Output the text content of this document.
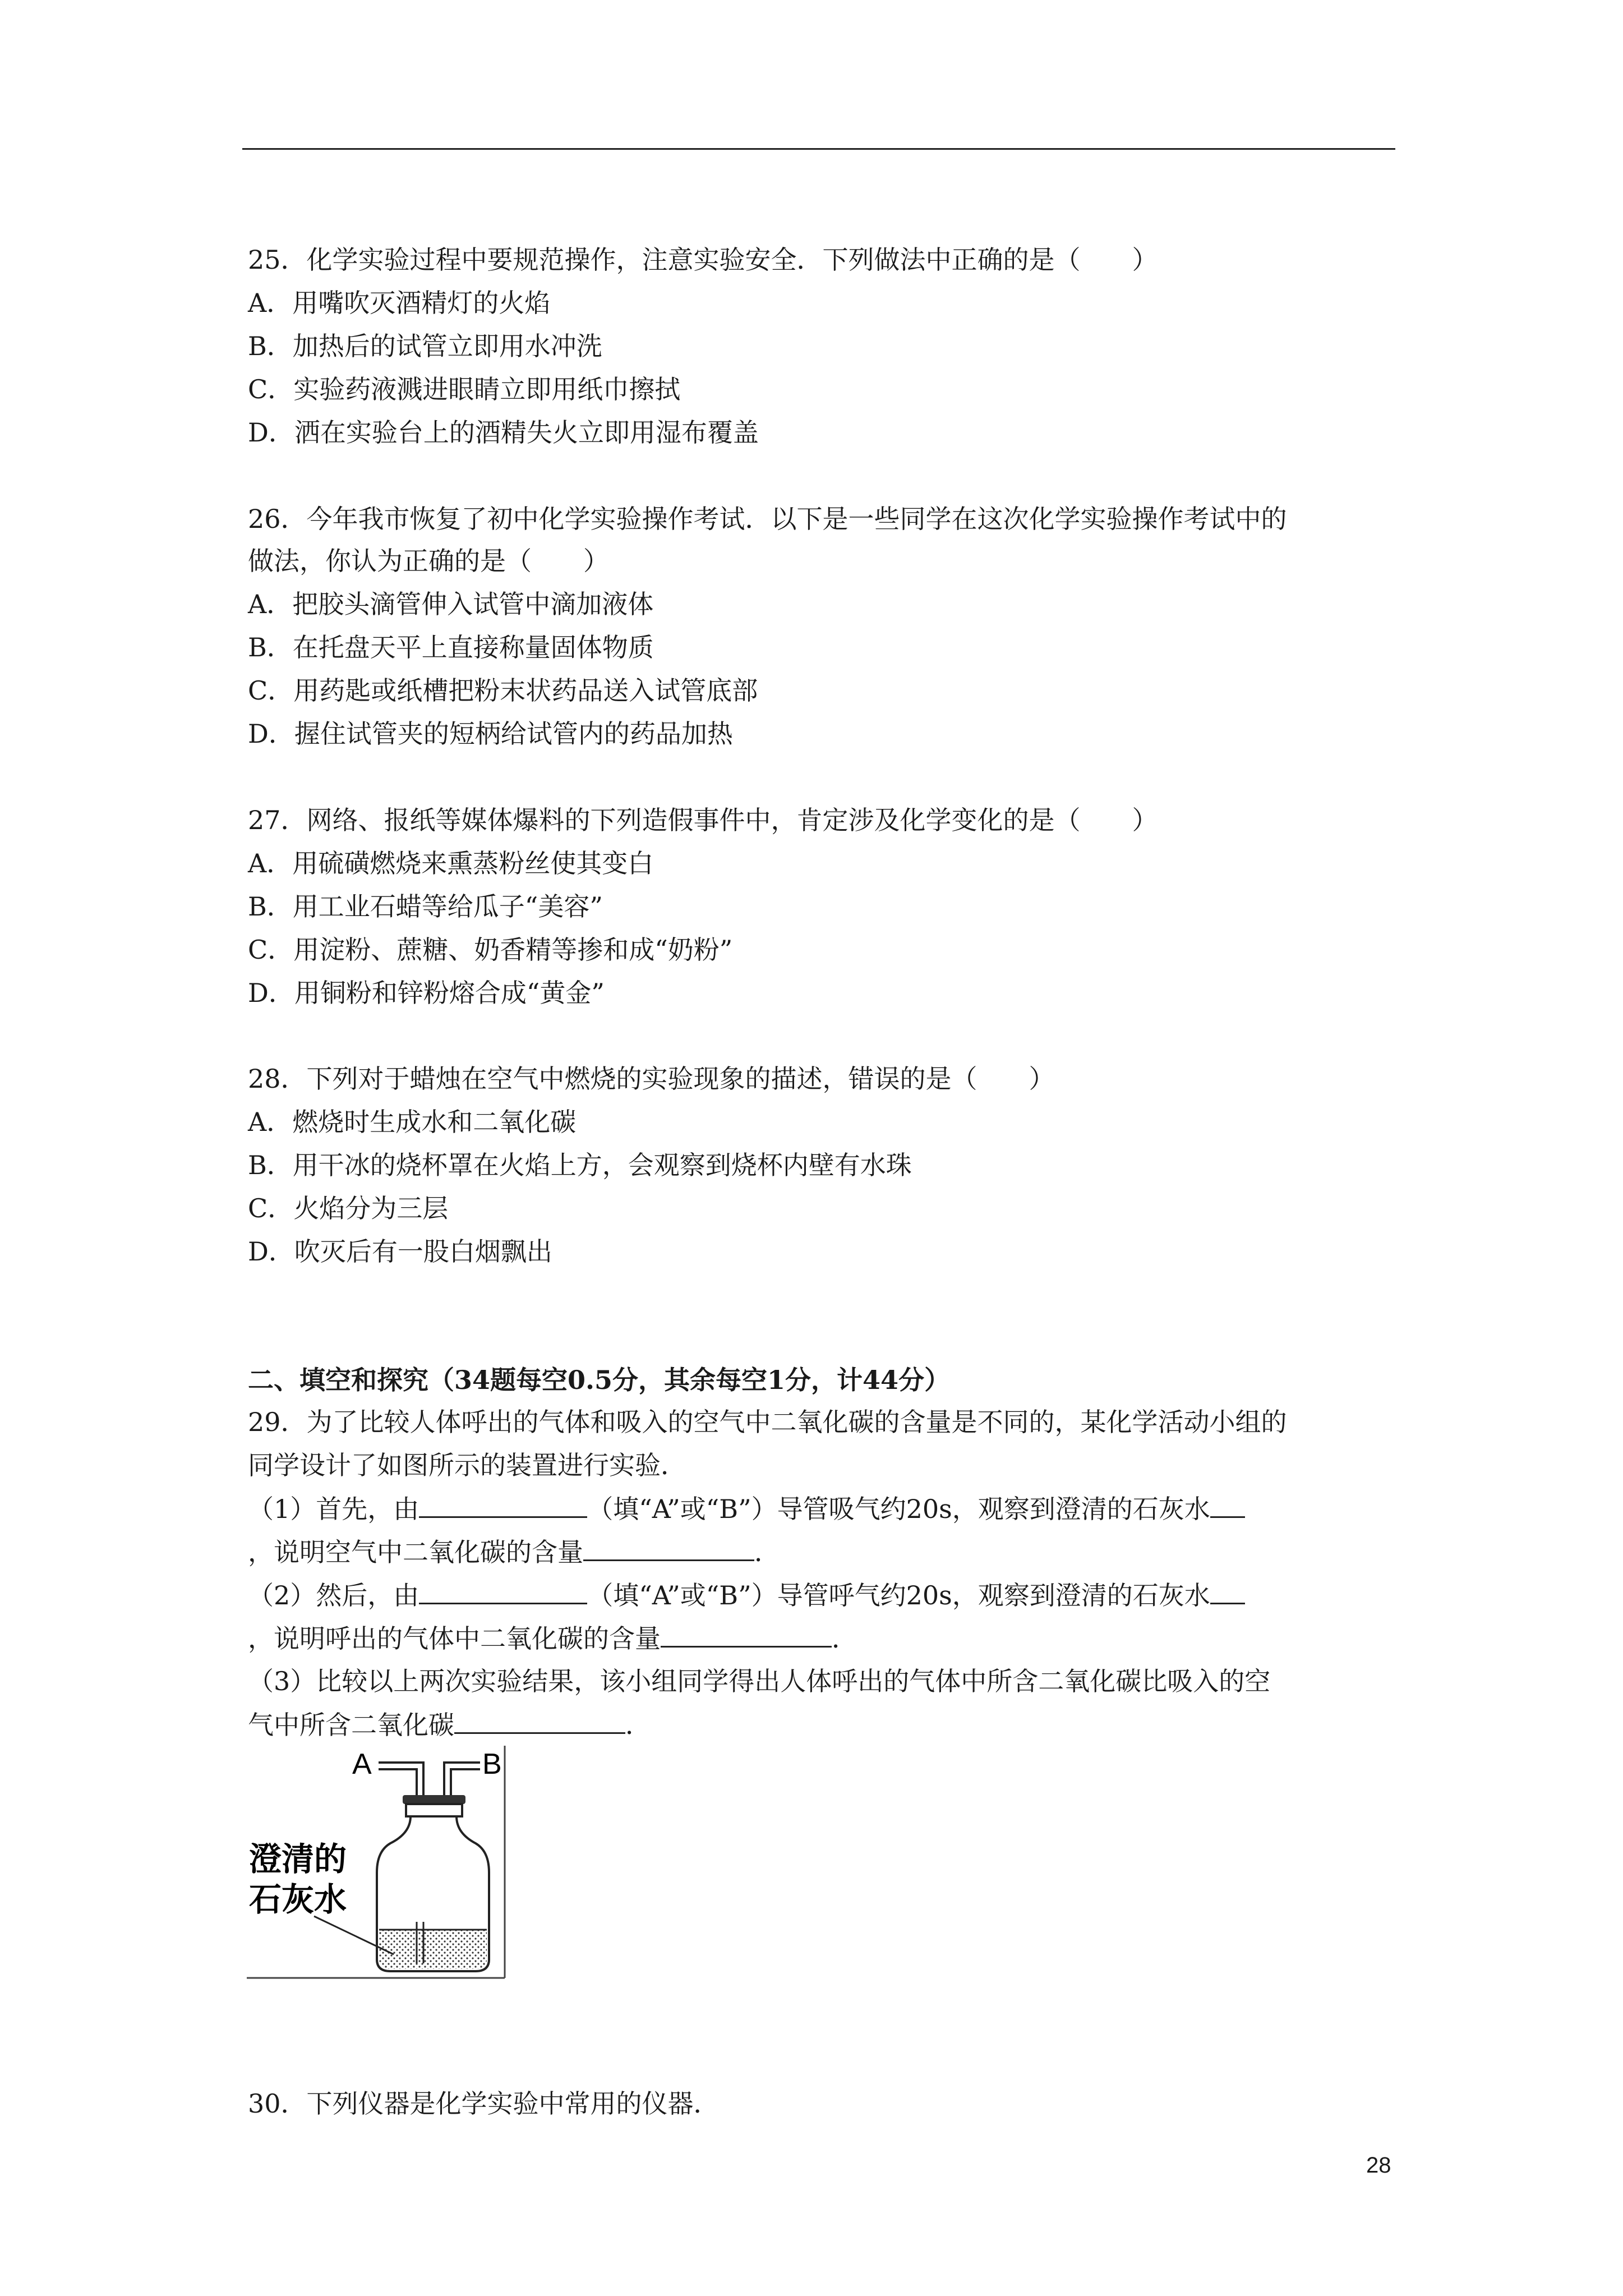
25．化学实验过程中要规范操作，注意实验安全．下列做法中正确的是（　　）
A．用嘴吹灭酒精灯的火焰
B．加热后的试管立即用水冲洗
C．实验药液溅进眼睛立即用纸巾擦拭
D．洒在实验台上的酒精失火立即用湿布覆盖
26．今年我市恢复了初中化学实验操作考试．以下是一些同学在这次化学实验操作考试中的
做法，你认为正确的是（　　）
A．把胶头滴管伸入试管中滴加液体
B．在托盘天平上直接称量固体物质
C．用药匙或纸槽把粉末状药品送入试管底部
D．握住试管夹的短柄给试管内的药品加热
27．网络、报纸等媒体爆料的下列造假事件中，肯定涉及化学变化的是（　　）
A．用硫磺燃烧来熏蒸粉丝使其变白
B．用工业石蜡等给瓜子“美容”
C．用淀粉、蔗糖、奶香精等掺和成“奶粉”
D．用铜粉和锌粉熔合成“黄金”
28．下列对于蜡烛在空气中燃烧的实验现象的描述，错误的是（　　）
A．燃烧时生成水和二氧化碳
B．用干冰的烧杯罩在火焰上方，会观察到烧杯内壁有水珠
C．火焰分为三层
D．吹灭后有一股白烟飘出
二、填空和探究（34题每空0.5分，其余每空1分，计44分）
29．为了比较人体呼出的气体和吸入的空气中二氧化碳的含量是不同的，某化学活动小组的
同学设计了如图所示的装置进行实验．
（1）首先，由	（填“A”或“B”）导管吸气约20s，观察到澄清的石灰水
，说明空气中二氧化碳的含量	．
（2）然后，由	（填“A”或“B”）导管呼气约20s，观察到澄清的石灰水
，说明呼出的气体中二氧化碳的含量	．
（3）比较以上两次实验结果，该小组同学得出人体呼出的气体中所含二氧化碳比吸入的空
气中所含二氧化碳	．
A	B
澄清的
石灰水
30．下列仪器是化学实验中常用的仪器．
28
